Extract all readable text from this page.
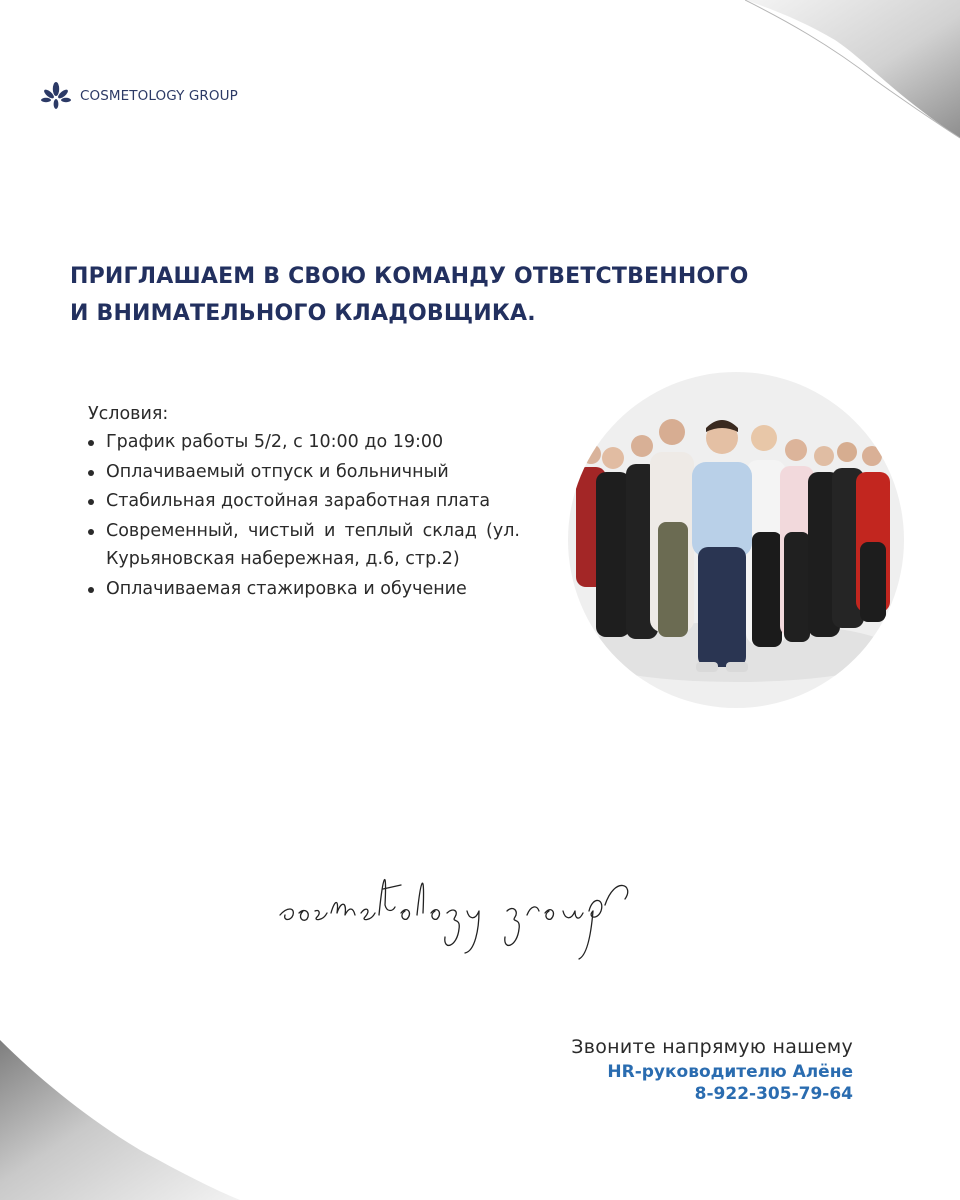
COSMETOLOGY GROUP
ПРИГЛАШАЕМ В СВОЮ КОМАНДУ ОТВЕТСТВЕННОГО
И ВНИМАТЕЛЬНОГО КЛАДОВЩИКА.
Условия:
График работы 5/2, с 10:00 до 19:00
Оплачиваемый отпуск и больничный
Стабильная достойная заработная плата
Современный, чистый и теплый склад (ул. Курьяновская набережная, д.6, стр.2)
Оплачиваемая стажировка и обучение
Звоните напрямую нашему
HR-руководителю Алёне
8-922-305-79-64
